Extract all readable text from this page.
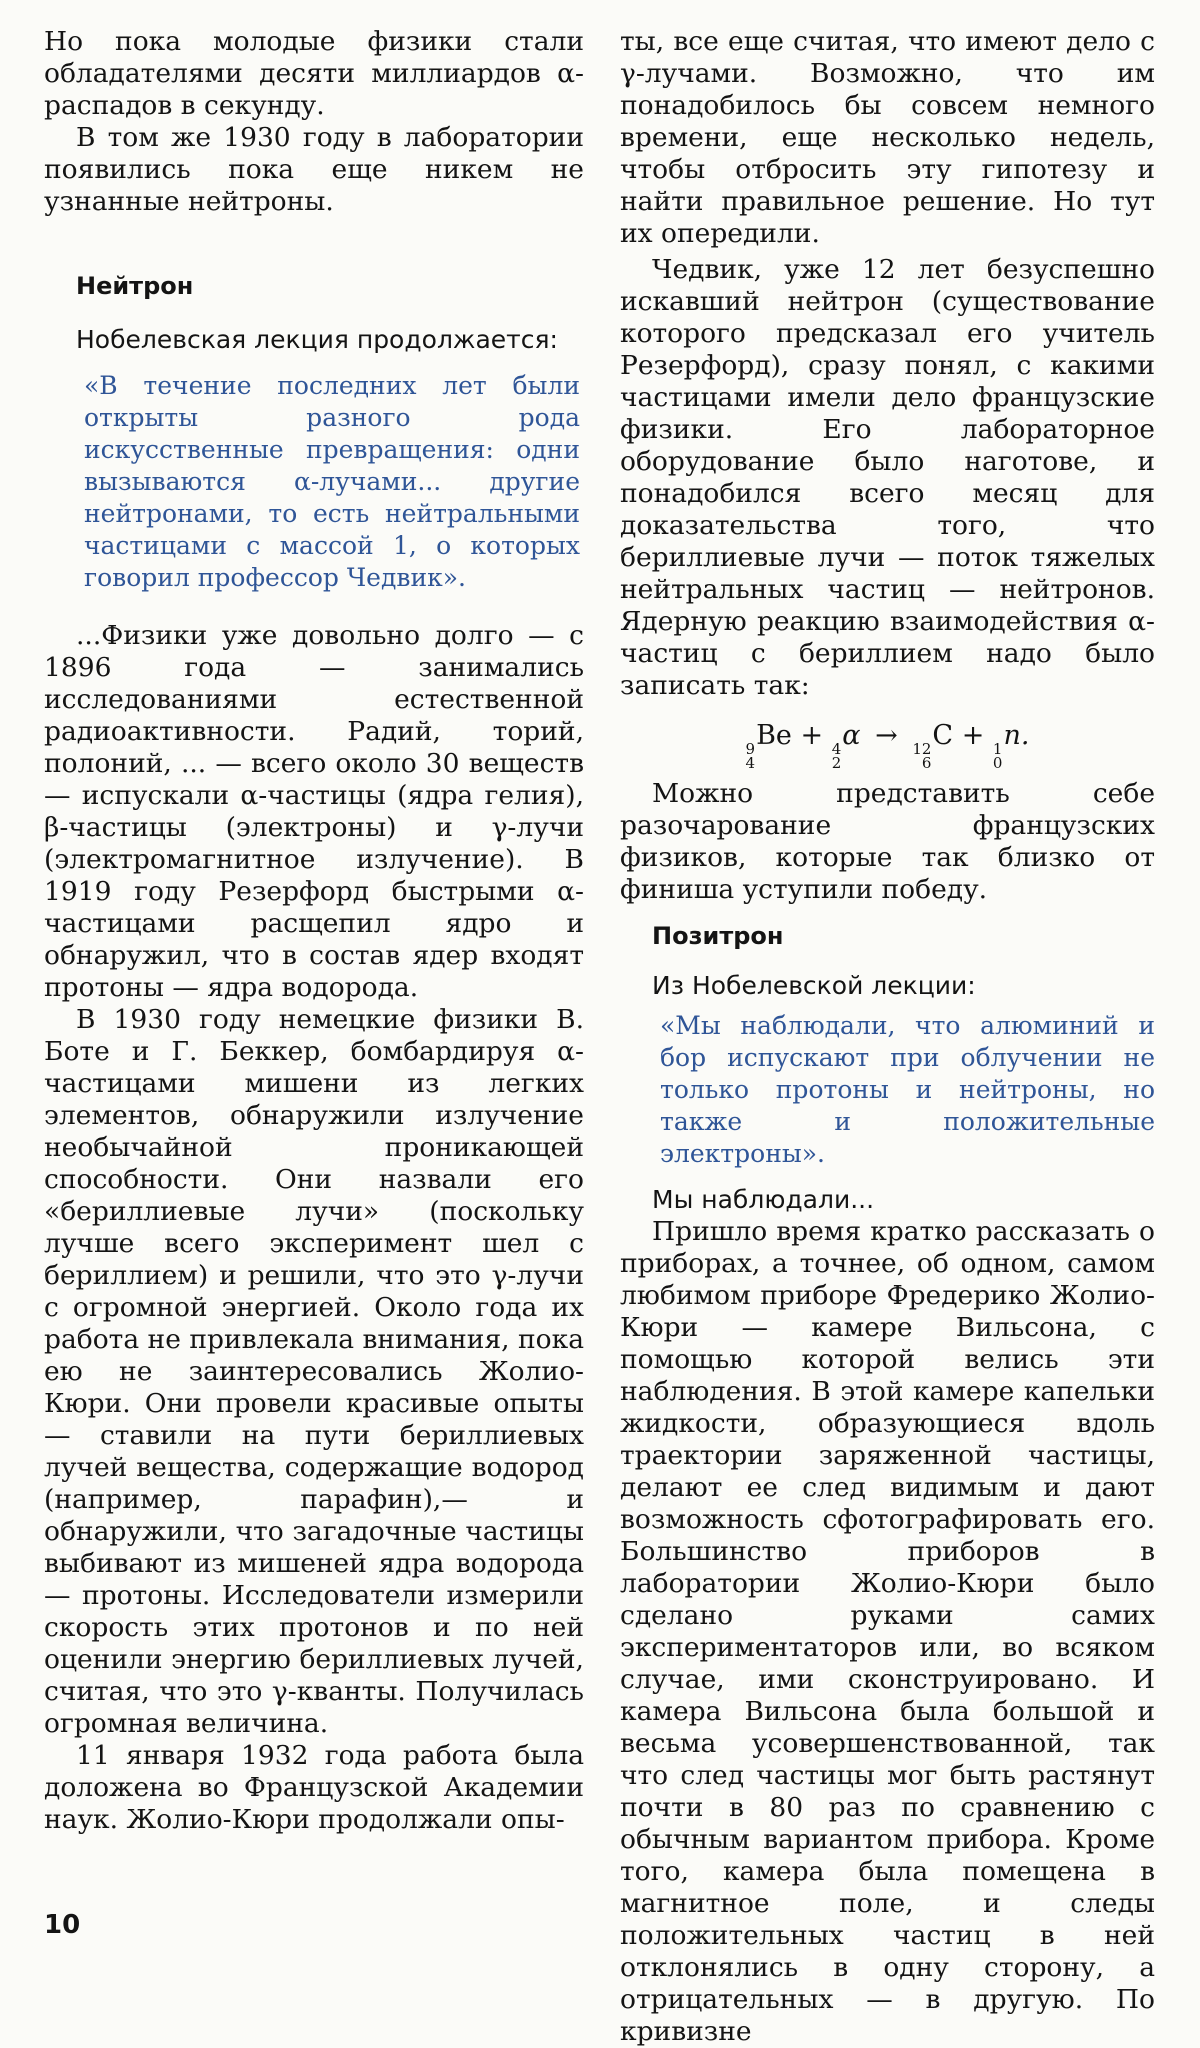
Но пока молодые физики стали обладателями десяти миллиардов α-распадов в секунду.

В том же 1930 году в лаборатории появились пока еще никем не узнанные нейтроны.

Нейтрон

Нобелевская лекция продолжается:

«В течение последних лет были открыты разного рода искусственные превращения: одни вызываются α-лучами... другие нейтронами, то есть нейтральными частицами с массой 1, о которых говорил профессор Чедвик».

...Физики уже довольно долго — с 1896 года — занимались исследованиями естественной радиоактивности. Радий, торий, полоний, ... — всего около 30 веществ — испускали α-частицы (ядра гелия), β-частицы (электроны) и γ-лучи (электромагнитное излучение). В 1919 году Резерфорд быстрыми α-частицами расщепил ядро и обнаружил, что в состав ядер входят протоны — ядра водорода.

В 1930 году немецкие физики В. Боте и Г. Беккер, бомбардируя α-частицами мишени из легких элементов, обнаружили излучение необычайной проникающей способности. Они назвали его «бериллиевые лучи» (поскольку лучше всего эксперимент шел с бериллием) и решили, что это γ-лучи с огромной энергией. Около года их работа не привлекала внимания, пока ею не заинтересовались Жолио-Кюри. Они провели красивые опыты — ставили на пути бериллиевых лучей вещества, содержащие водород (например, парафин),— и обнаружили, что загадочные частицы выбивают из мишеней ядра водорода — протоны. Исследователи измерили скорость этих протонов и по ней оценили энергию бериллиевых лучей, считая, что это γ-кванты. Получилась огромная величина.

11 января 1932 года работа была доложена во Французской Академии наук. Жолио-Кюри продолжали опы-

ты, все еще считая, что имеют дело с γ-лучами. Возможно, что им понадобилось бы совсем немного времени, еще несколько недель, чтобы отбросить эту гипотезу и найти правильное решение. Но тут их опередили.

Чедвик, уже 12 лет безуспешно искавший нейтрон (существование которого предсказал его учитель Резерфорд), сразу понял, с какими частицами имели дело французские физики. Его лабораторное оборудование было наготове, и понадобился всего месяц для доказательства того, что бериллиевые лучи — поток тяжелых нейтральных частиц — нейтронов. Ядерную реакцию взаимодействия α-частиц с бериллием надо было записать так:

9
4
Be + 4
2
α → 12
6
C + 1
0
n.

Можно представить себе разочарование французских физиков, которые так близко от финиша уступили победу.

Позитрон

Из Нобелевской лекции:

«Мы наблюдали, что алюминий и бор испускают при облучении не только протоны и нейтроны, но также и положительные электроны».

Мы наблюдали...

Пришло время кратко рассказать о приборах, а точнее, об одном, самом любимом приборе Фредерико Жолио-Кюри — камере Вильсона, с помощью которой велись эти наблюдения. В этой камере капельки жидкости, образующиеся вдоль траектории заряженной частицы, делают ее след видимым и дают возможность сфотографировать его. Большинство приборов в лаборатории Жолио-Кюри было сделано руками самих экспериментаторов или, во всяком случае, ими сконструировано. И камера Вильсона была большой и весьма усовершенствованной, так что след частицы мог быть растянут почти в 80 раз по сравнению с обычным вариантом прибора. Кроме того, камера была помещена в магнитное поле, и следы положительных частиц в ней отклонялись в одну сторону, а отрицательных — в другую. По кривизне

10
